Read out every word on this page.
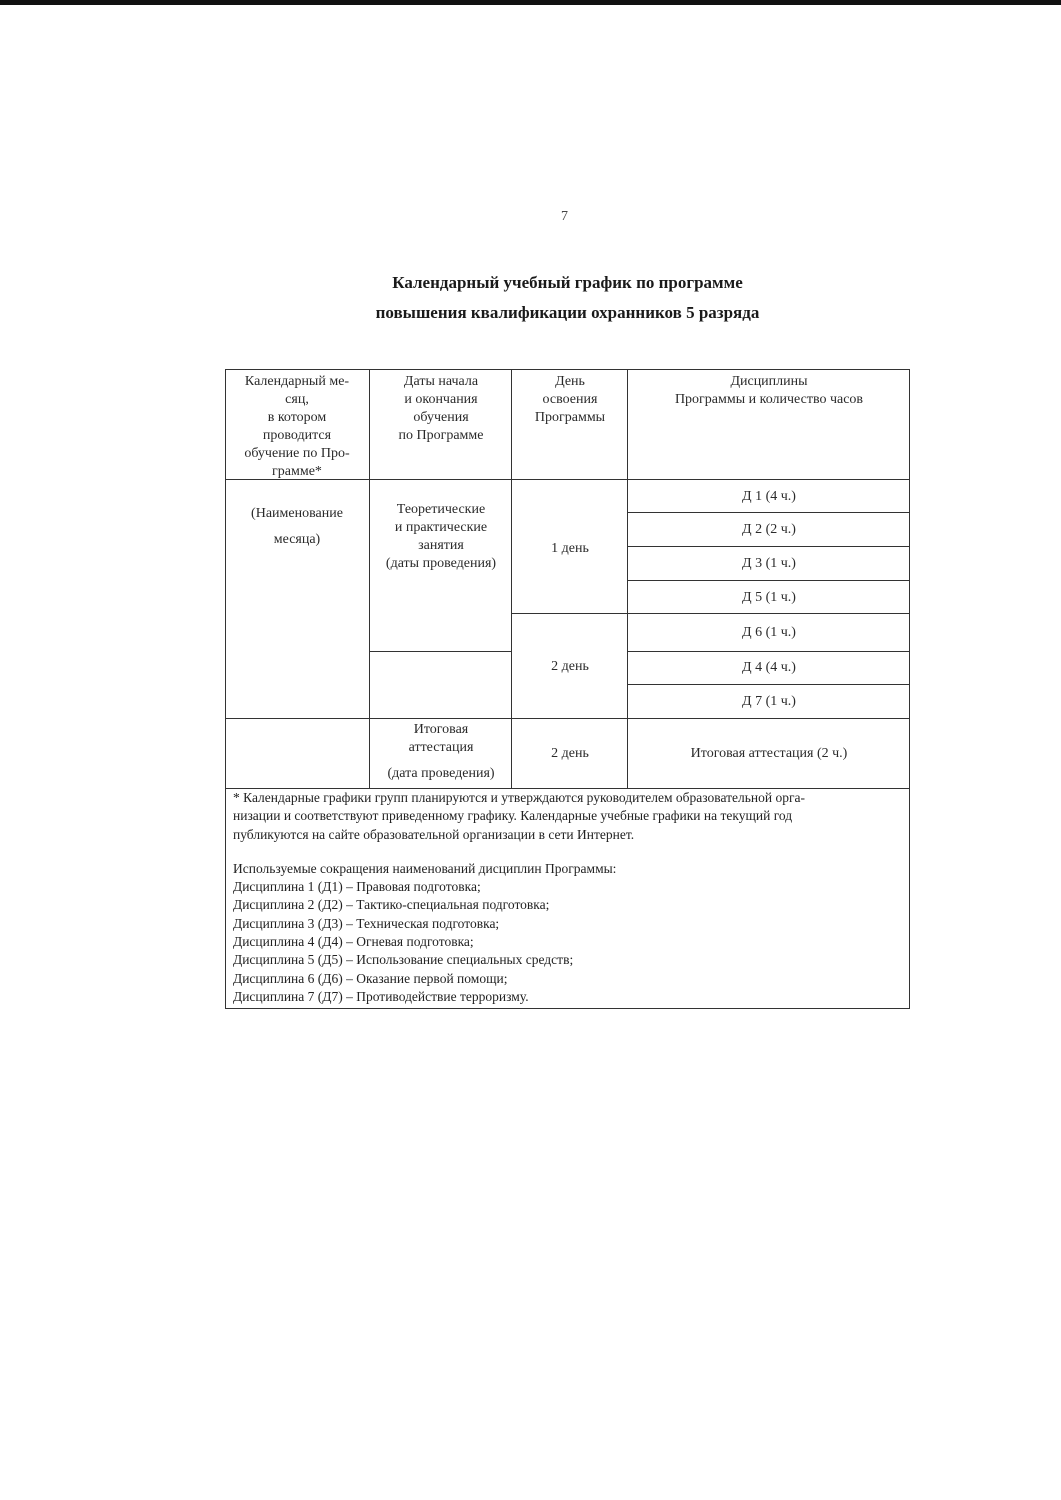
7
Календарный учебный график по программе
повышения квалификации охранников 5 разряда
Календарный ме-
сяц,
в котором
проводится
обучение по Про-
грамме*
Даты начала
и окончания
обучения
по Программе
День
освоения
Программы
Дисциплины
Программы и количество часов
(Наименование
месяца)
Теоретические
и практические
занятия
(даты проведения)
1 день
2 день
Д 1 (4 ч.)
Д 2 (2 ч.)
Д 3 (1 ч.)
Д 5 (1 ч.)
Д 6 (1 ч.)
Д 4 (4 ч.)
Д 7 (1 ч.)
Итоговая
аттестация
(дата проведения)
2 день	Итоговая аттестация (2 ч.)

* Календарные графики групп планируются и утверждаются руководителем образовательной орга-

низации и соответствуют приведенному графику. Календарные учебные графики на текущий год

публикуются на сайте образовательной организации в сети Интернет.

Используемые сокращения наименований дисциплин Программы:

Дисциплина 1 (Д1) – Правовая подготовка;

Дисциплина 2 (Д2) – Тактико-специальная подготовка;

Дисциплина 3 (Д3) – Техническая подготовка;

Дисциплина 4 (Д4) – Огневая подготовка;

Дисциплина 5 (Д5) – Использование специальных средств;

Дисциплина 6 (Д6) – Оказание первой помощи;

Дисциплина 7 (Д7) – Противодействие терроризму.
